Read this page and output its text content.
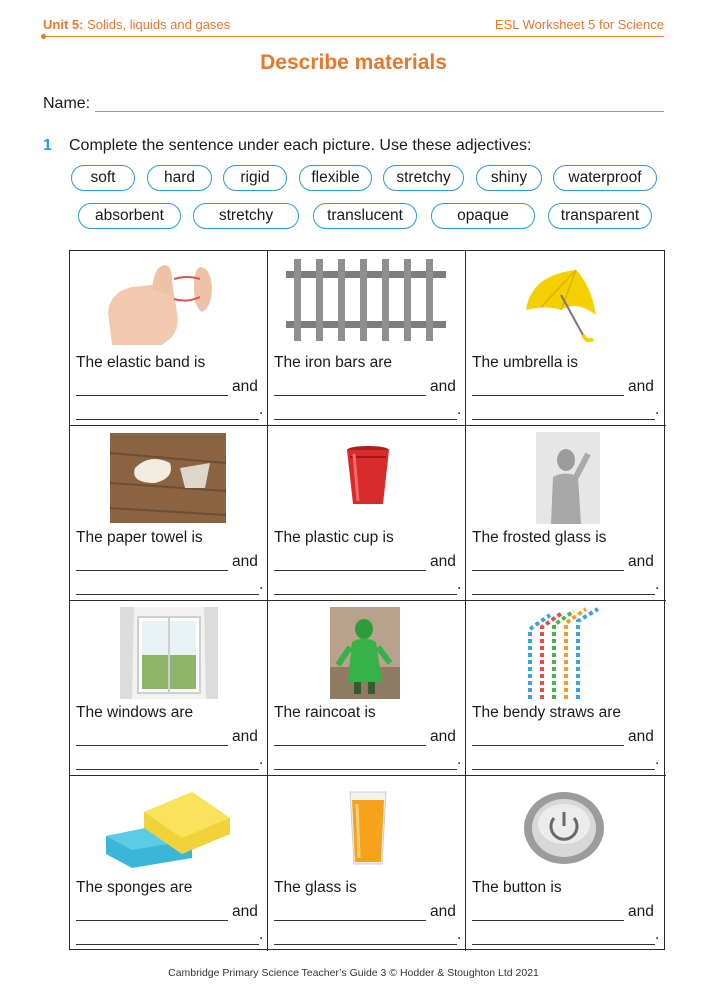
Unit 5: Solids, liquids and gases	ESL Worksheet 5 for Science
Describe materials
Name:
1 Complete the sentence under each picture. Use these adjectives:
soft	hard	rigid	flexible	stretchy	shiny	waterproof
absorbent	stretchy	translucent	opaque	transparent
The elastic band is
and
.
The iron bars are
and
.
The umbrella is
and
.
The paper towel is
and
.
The plastic cup is
and
.
The frosted glass is
and
.
The windows are
and
.
The raincoat is
and
.
The bendy straws are
and
.
The sponges are
and
.
The glass is
and
.
The button is
and
.
Cambridge Primary Science Teacher’s Guide 3 © Hodder & Stoughton Ltd 2021
